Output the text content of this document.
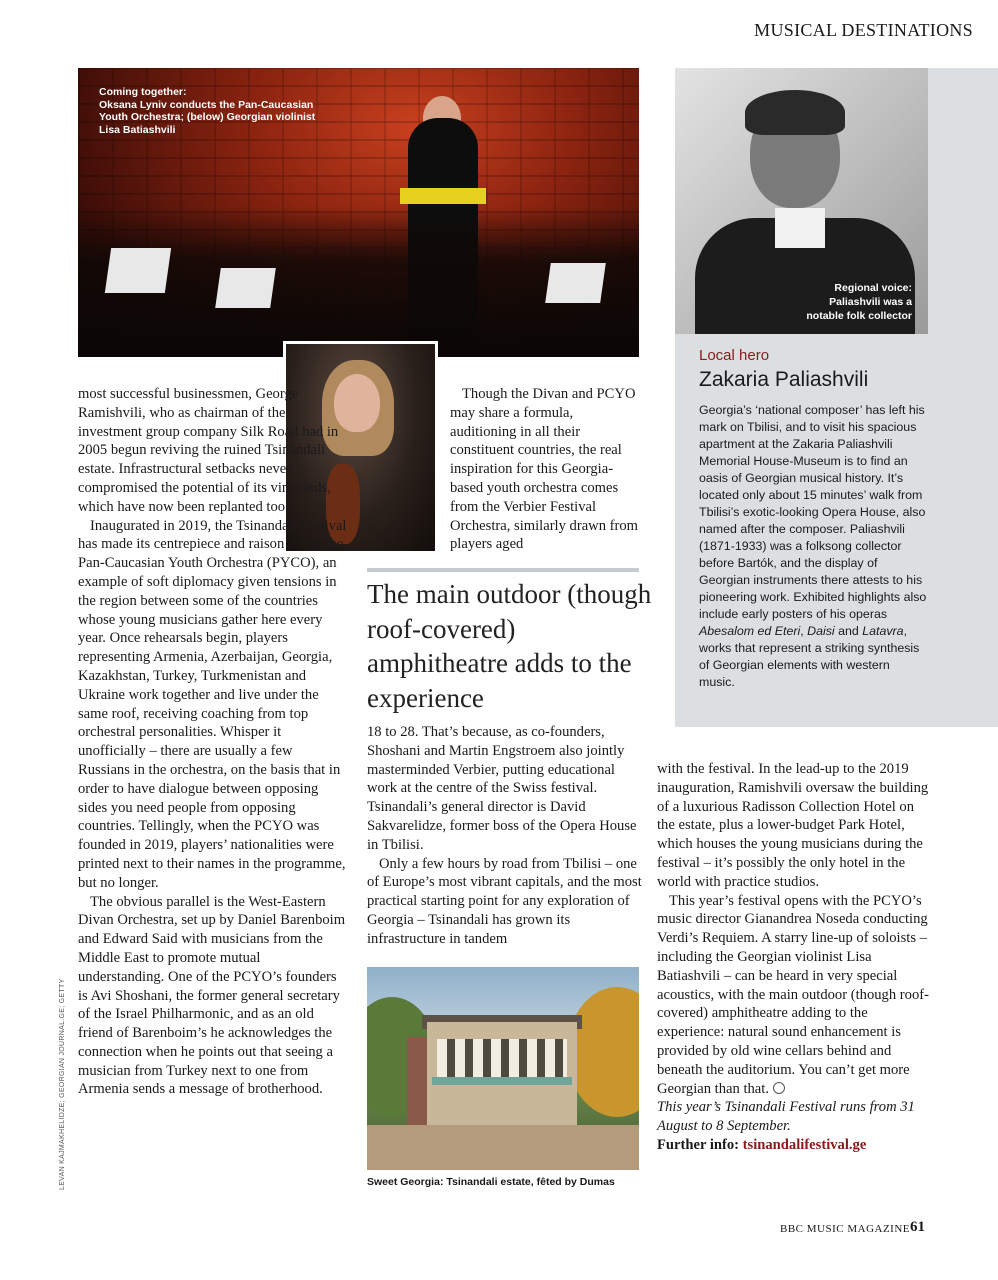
MUSICAL DESTINATIONS
Coming together:
Oksana Lyniv conducts the Pan-Caucasian Youth Orchestra; (below) Georgian violinist Lisa Batiashvili
Regional voice: Paliashvili was a notable folk collector
Local hero
Zakaria Paliashvili
Georgia’s ‘national composer’ has left his mark on Tbilisi, and to visit his spacious apartment at the Zakaria Paliashvili Memorial House-Museum is to find an oasis of Georgian musical history. It’s located only about 15 minutes’ walk from Tbilisi’s exotic-looking Opera House, also named after the composer. Paliashvili (1871-1933) was a folksong collector before Bartók, and the display of Georgian instruments there attests to his pioneering work. Exhibited highlights also include early posters of his operas Abesalom ed Eteri, Daisi and Latavra, works that represent a striking synthesis of Georgian elements with western music.

most successful businessmen, George Ramishvili, who as chairman of the investment group company Silk Road had in 2005 begun reviving the ruined Tsinandali estate. Infrastructural setbacks never compromised the potential of its vineyards, which have now been replanted too.

Inaugurated in 2019, the Tsinandali Festival has made its centrepiece and raison d’être the Pan-Caucasian Youth Orchestra (PYCO), an example of soft diplomacy given tensions in the region between some of the countries whose young musicians gather here every year. Once rehearsals begin, players representing Armenia, Azerbaijan, Georgia, Kazakhstan, Turkey, Turkmenistan and Ukraine work together and live under the same roof, receiving coaching from top orchestral personalities. Whisper it unofficially – there are usually a few Russians in the orchestra, on the basis that in order to have dialogue between opposing sides you need people from opposing countries. Tellingly, when the PCYO was founded in 2019, players’ nationalities were printed next to their names in the programme, but no longer.

The obvious parallel is the West-Eastern Divan Orchestra, set up by Daniel Barenboim and Edward Said with musicians from the Middle East to promote mutual understanding. One of the PCYO’s founders is Avi Shoshani, the former general secretary of the Israel Philharmonic, and as an old friend of Barenboim’s he acknowledges the connection when he points out that seeing a musician from Turkey next to one from Armenia sends a message of brotherhood.

Though the Divan and PCYO may share a formula, auditioning in all their constituent countries, the real inspiration for this Georgia-based youth orchestra comes from the Verbier Festival Orchestra, similarly drawn from players aged

The main outdoor (though roof-covered) amphitheatre adds to the experience

18 to 28. That’s because, as co-founders, Shoshani and Martin Engstroem also jointly masterminded Verbier, putting educational work at the centre of the Swiss festival. Tsinandali’s general director is David Sakvarelidze, former boss of the Opera House in Tbilisi.

Only a few hours by road from Tbilisi – one of Europe’s most vibrant capitals, and the most practical starting point for any exploration of Georgia – Tsinandali has grown its infrastructure in tandem

Sweet Georgia: Tsinandali estate, fêted by Dumas

with the festival. In the lead-up to the 2019 inauguration, Ramishvili oversaw the building of a luxurious Radisson Collection Hotel on the estate, plus a lower-budget Park Hotel, which houses the young musicians during the festival – it’s possibly the only hotel in the world with practice studios.

This year’s festival opens with the PCYO’s music director Gianandrea Noseda conducting Verdi’s Requiem. A starry line-up of soloists – including the Georgian violinist Lisa Batiashvili – can be heard in very special acoustics, with the main outdoor (though roof-covered) amphitheatre adding to the experience: natural sound enhancement is provided by old wine cellars behind and beneath the auditorium. You can’t get more Georgian than that.

This year’s Tsinandali Festival runs from 31 August to 8 September.

Further info: tsinandalifestival.ge

LEVAN KAJMAKHELIDZE; GEORGIAN JOURNAL.GE; GETTY
BBC MUSIC MAGAZINE 61
